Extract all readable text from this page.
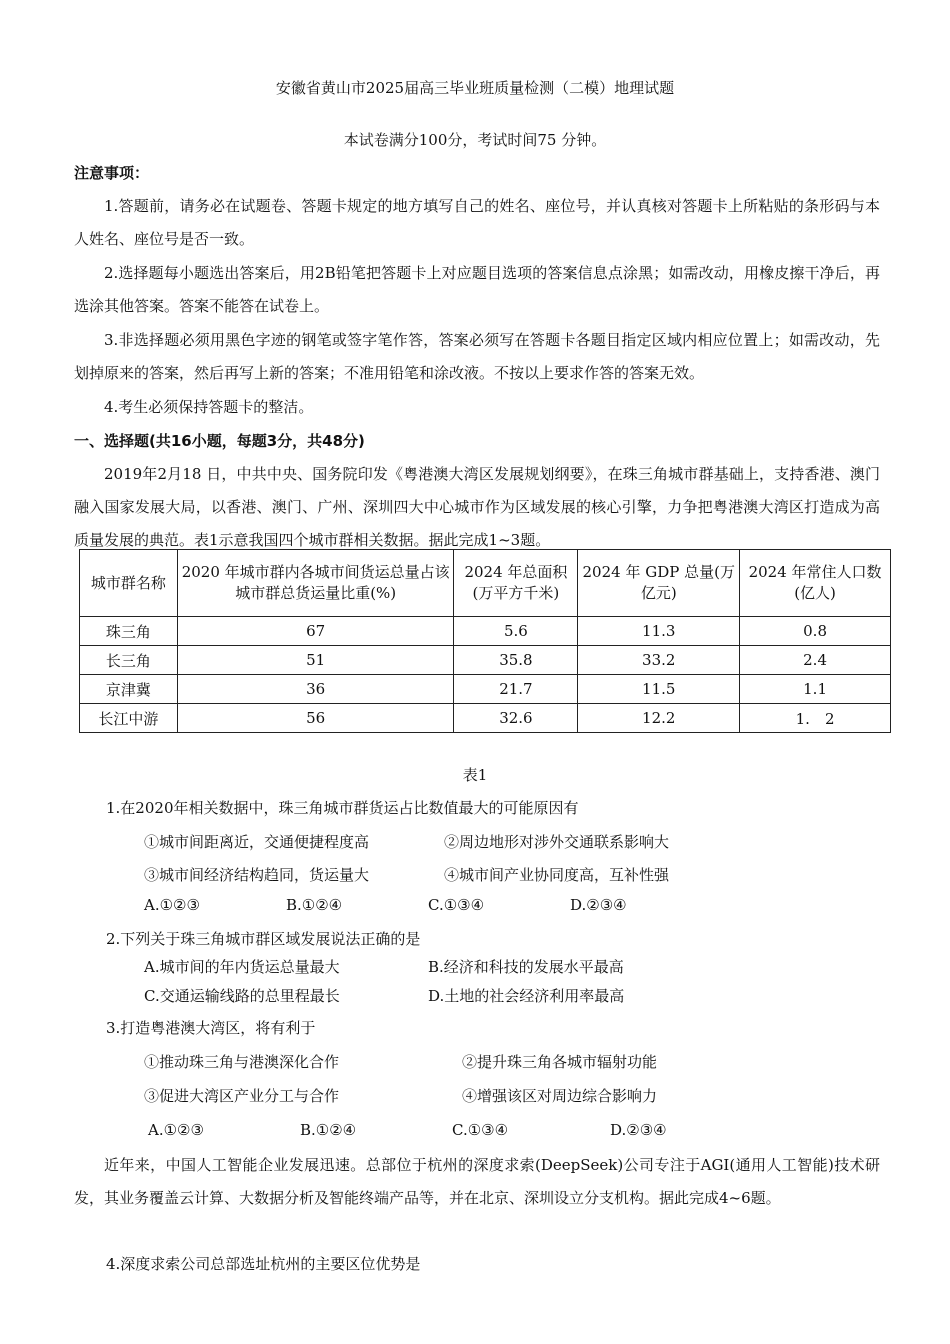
安徽省黄山市2025届高三毕业班质量检测（二模）地理试题
本试卷满分100分，考试时间75 分钟。
注意事项：
1.答题前，请务必在试题卷、答题卡规定的地方填写自己的姓名、座位号，并认真核对答题卡上所粘贴的条形码与本人姓名、座位号是否一致。
2.选择题每小题选出答案后，用2B铅笔把答题卡上对应题目选项的答案信息点涂黑；如需改动，用橡皮擦干净后，再选涂其他答案。答案不能答在试卷上。
3.非选择题必须用黑色字迹的钢笔或签字笔作答，答案必须写在答题卡各题目指定区域内相应位置上；如需改动，先划掉原来的答案，然后再写上新的答案；不准用铅笔和涂改液。不按以上要求作答的答案无效。
4.考生必须保持答题卡的整洁。
一、选择题(共16小题，每题3分，共48分)
2019年2月18 日，中共中央、国务院印发《粤港澳大湾区发展规划纲要》，在珠三角城市群基础上，支持香港、澳门融入国家发展大局，以香港、澳门、广州、深圳四大中心城市作为区域发展的核心引擎，力争把粤港澳大湾区打造成为高质量发展的典范。表1示意我国四个城市群相关数据。据此完成1~3题。
城市群名称	2020 年城市群内各城市间货运总量占该城市群总货运量比重(%)	2024 年总面积(万平方千米)	2024 年 GDP 总量(万亿元)	2024 年常住人口数(亿人)
珠三角	67	5.6	11.3	0.8
长三角	51	35.8	33.2	2.4
京津冀	36	21.7	11.5	1.1
长江中游	56	32.6	12.2	1.　2
表1
1.在2020年相关数据中，珠三角城市群货运占比数值最大的可能原因有
①城市间距离近，交通便捷程度高	②周边地形对涉外交通联系影响大
③城市间经济结构趋同，货运量大	④城市间产业协同度高，互补性强
A.①②③	B.①②④	C.①③④	D.②③④
2.下列关于珠三角城市群区域发展说法正确的是
A.城市间的年内货运总量最大	B.经济和科技的发展水平最高
C.交通运输线路的总里程最长	D.土地的社会经济利用率最高
3.打造粤港澳大湾区，将有利于
①推动珠三角与港澳深化合作	②提升珠三角各城市辐射功能
③促进大湾区产业分工与合作	④增强该区对周边综合影响力
A.①②③	B.①②④	C.①③④	D.②③④
近年来，中国人工智能企业发展迅速。总部位于杭州的深度求索(DeepSeek)公司专注于AGI(通用人工智能)技术研发，其业务覆盖云计算、大数据分析及智能终端产品等，并在北京、深圳设立分支机构。据此完成4~6题。
4.深度求索公司总部选址杭州的主要区位优势是
